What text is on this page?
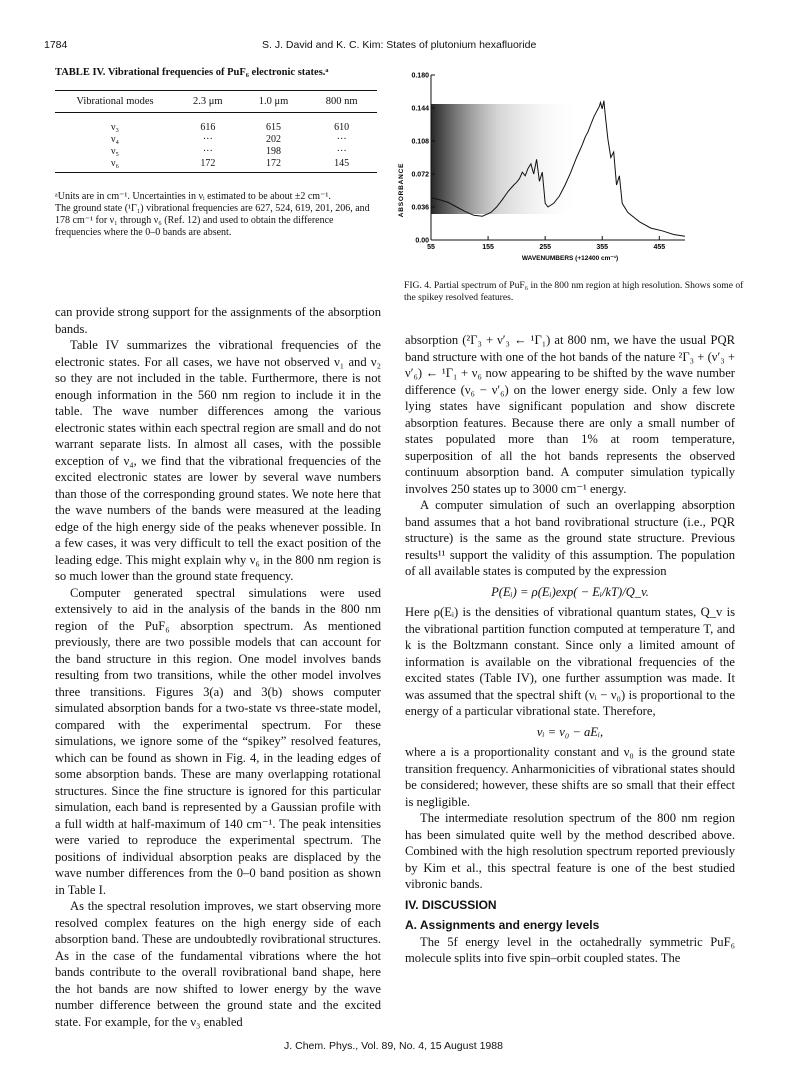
1784	S. J. David and K. C. Kim: States of plutonium hexafluoride
TABLE IV. Vibrational frequencies of PuF₆ electronic states.ᵃ
Vibrational modes	2.3 μm	1.0 μm	800 nm

ν₃	616	615	610
ν₄	···	202	···
ν₅	···	198	···
ν₆	172	172	145

ᵃUnits are in cm⁻¹. Uncertainties in νᵢ estimated to be about ±2 cm⁻¹.

The ground state (¹Γ₁) vibrational frequencies are 627, 524, 619, 201, 206, and 178 cm⁻¹ for ν₁ through ν₆ (Ref. 12) and used to obtain the difference frequencies where the 0–0 bands are absent.

0.00
0.036
0.072
0.108
0.144
0.180
55	155	255	355	455
ABSORBANCE
WAVENUMBERS (+12400 cm⁻¹)
FIG. 4. Partial spectrum of PuF₆ in the 800 nm region at high resolution. Shows some of the spikey resolved features.

can provide strong support for the assignments of the absorption bands.

Table IV summarizes the vibrational frequencies of the electronic states. For all cases, we have not observed ν₁ and ν₂ so they are not included in the table. Furthermore, there is not enough information in the 560 nm region to include it in the table. The wave number differences among the various electronic states within each spectral region are small and do not warrant separate lists. In almost all cases, with the possible exception of ν₄, we find that the vibrational frequencies of the excited electronic states are lower by several wave numbers than those of the corresponding ground states. We note here that the wave numbers of the bands were measured at the leading edge of the high energy side of the peaks whenever possible. In a few cases, it was very difficult to tell the exact position of the leading edge. This might explain why ν₆ in the 800 nm region is so much lower than the ground state frequency.

Computer generated spectral simulations were used extensively to aid in the analysis of the bands in the 800 nm region of the PuF₆ absorption spectrum. As mentioned previously, there are two possible models that can account for the band structure in this region. One model involves bands resulting from two transitions, while the other model involves three transitions. Figures 3(a) and 3(b) shows computer simulated absorption bands for a two-state vs three-state model, compared with the experimental spectrum. For these simulations, we ignore some of the “spikey” resolved features, which can be found as shown in Fig. 4, in the leading edges of some absorption bands. These are many overlapping rotational structures. Since the fine structure is ignored for this particular simulation, each band is represented by a Gaussian profile with a full width at half-maximum of 140 cm⁻¹. The peak intensities were varied to reproduce the experimental spectrum. The positions of individual absorption peaks are displaced by the wave number differences from the 0–0 band position as shown in Table I.

As the spectral resolution improves, we start observing more resolved complex features on the high energy side of each absorption band. These are undoubtedly rovibrational structures. As in the case of the fundamental vibrations where the hot bands contribute to the overall rovibrational band shape, here the hot bands are now shifted to lower energy by the wave number difference between the ground state and the excited state. For example, for the ν₃ enabled

absorption (²Γ₃ + ν′₃ ← ¹Γ₁) at 800 nm, we have the usual PQR band structure with one of the hot bands of the nature ²Γ₃ + (ν′₃ + ν′₆) ← ¹Γ₁ + ν₆ now appearing to be shifted by the wave number difference (ν₆ − ν′₆) on the lower energy side. Only a few low lying states have significant population and show discrete absorption features. Because there are only a small number of states populated more than 1% at room temperature, superposition of all the hot bands represents the observed continuum absorption band. A computer simulation typically involves 250 states up to 3000 cm⁻¹ energy.

A computer simulation of such an overlapping absorption band assumes that a hot band rovibrational structure (i.e., PQR structure) is the same as the ground state structure. Previous results¹¹ support the validity of this assumption. The population of all available states is computed by the expression

P(Eᵢ) = ρ(Eᵢ)exp( − Eᵢ/kT)/Q_v.

Here ρ(Eᵢ) is the densities of vibrational quantum states, Q_v is the vibrational partition function computed at temperature T, and k is the Boltzmann constant. Since only a limited amount of information is available on the vibrational frequencies of the excited states (Table IV), one further assumption was made. It was assumed that the spectral shift (νᵢ − ν₀) is proportional to the energy of a particular vibrational state. Therefore,

νᵢ = ν₀ − aEᵢ,

where a is a proportionality constant and ν₀ is the ground state transition frequency. Anharmonicities of vibrational states should be considered; however, these shifts are so small that their effect is negligible.

The intermediate resolution spectrum of the 800 nm region has been simulated quite well by the method described above. Combined with the high resolution spectrum reported previously by Kim et al., this spectral feature is one of the best studied vibronic bands.

IV. DISCUSSION

A. Assignments and energy levels

The 5f energy level in the octahedrally symmetric PuF₆ molecule splits into five spin–orbit coupled states. The

J. Chem. Phys., Vol. 89, No. 4, 15 August 1988
